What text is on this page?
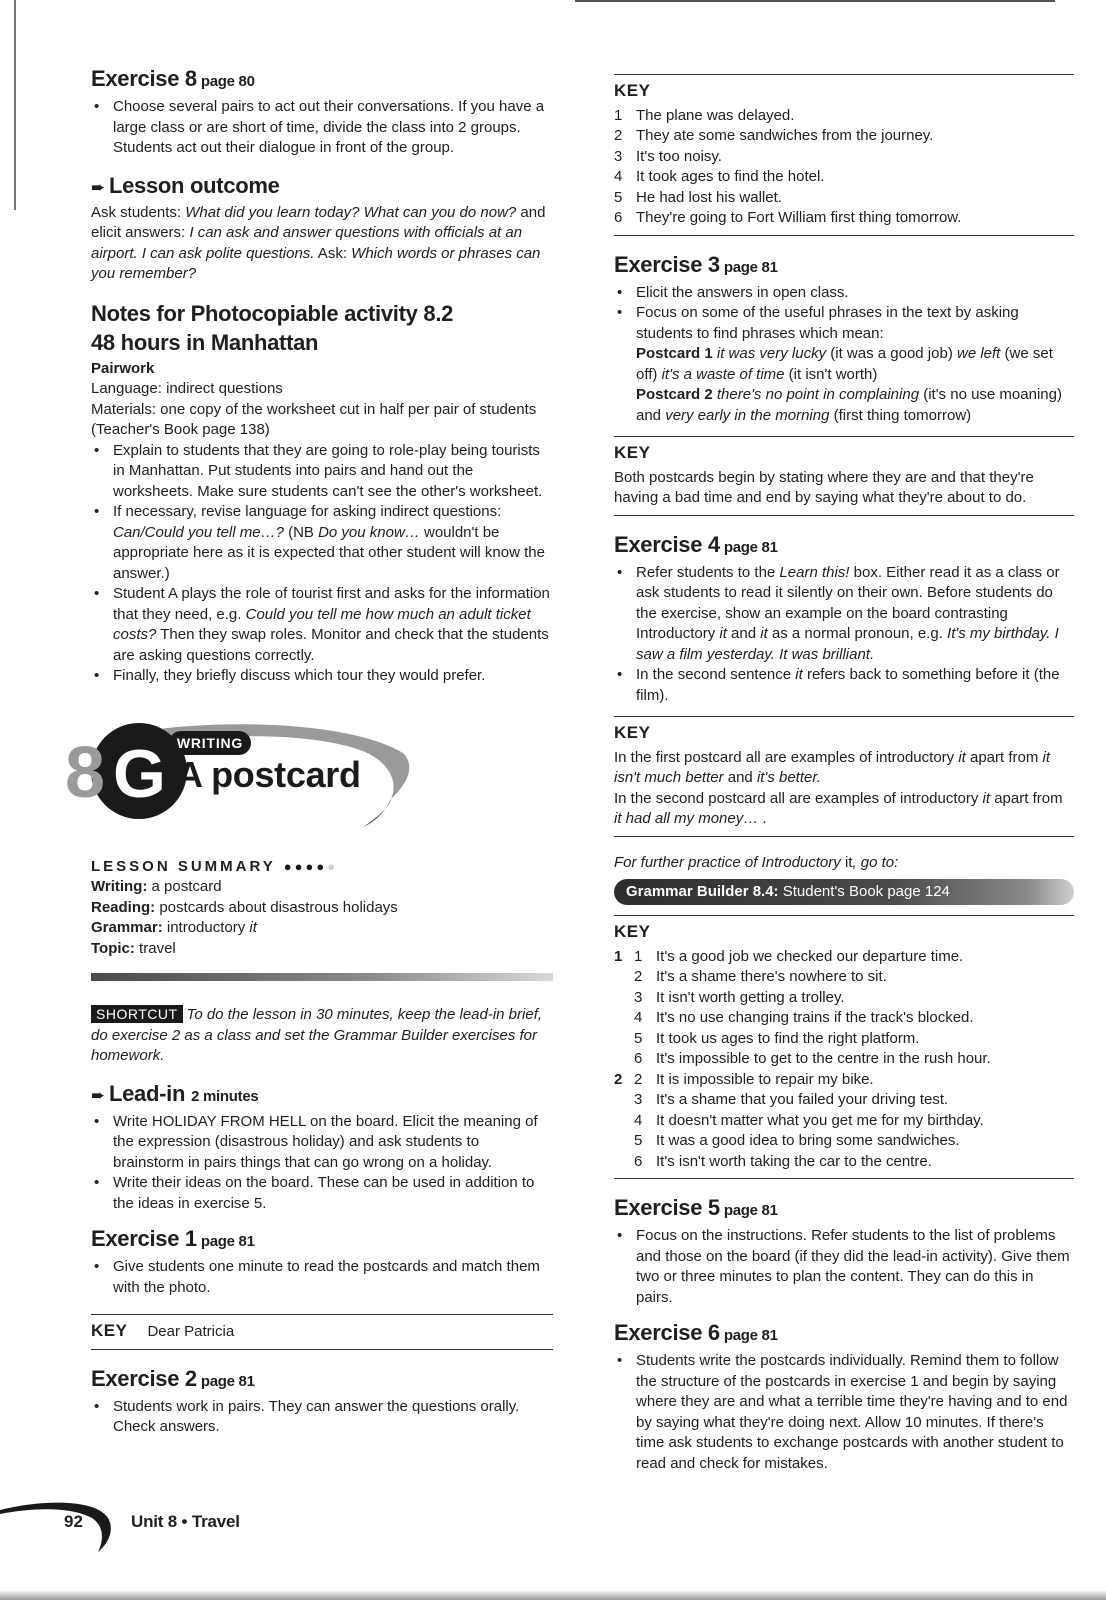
Exercise 8 page 80
• Choose several pairs to act out their conversations. If you have a large class or are short of time, divide the class into 2 groups. Students act out their dialogue in front of the group.
➨ Lesson outcome

Ask students: What did you learn today? What can you do now? and elicit answers: I can ask and answer questions with officials at an airport. I can ask polite questions. Ask: Which words or phrases can you remember?

Notes for Photocopiable activity 8.2
48 hours in Manhattan

Pairwork

Language: indirect questions

Materials: one copy of the worksheet cut in half per pair of students (Teacher's Book page 138)

• Explain to students that they are going to role-play being tourists in Manhattan. Put students into pairs and hand out the worksheets. Make sure students can't see the other's worksheet.
• If necessary, revise language for asking indirect questions: Can/Could you tell me…? (NB Do you know… wouldn't be appropriate here as it is expected that other student will know the answer.)
• Student A plays the role of tourist first and asks for the information that they need, e.g. Could you tell me how much an adult ticket costs? Then they swap roles. Monitor and check that the students are asking questions correctly.
• Finally, they briefly discuss which tour they would prefer.
8 G WRITING
A postcard
LESSON SUMMARY ●●●●●

Writing: a postcard

Reading: postcards about disastrous holidays

Grammar: introductory it

Topic: travel

SHORTCUT To do the lesson in 30 minutes, keep the lead-in brief, do exercise 2 as a class and set the Grammar Builder exercises for homework.

➨ Lead-in 2 minutes
• Write HOLIDAY FROM HELL on the board. Elicit the meaning of the expression (disastrous holiday) and ask students to brainstorm in pairs things that can go wrong on a holiday.
• Write their ideas on the board. These can be used in addition to the ideas in exercise 5.
Exercise 1 page 81
• Give students one minute to read the postcards and match them with the photo.
KEY Dear Patricia
Exercise 2 page 81
• Students work in pairs. They can answer the questions orally. Check answers.
KEY
1 The plane was delayed.
2 They ate some sandwiches from the journey.
3 It's too noisy.
4 It took ages to find the hotel.
5 He had lost his wallet.
6 They're going to Fort William first thing tomorrow.
Exercise 3 page 81
• Elicit the answers in open class.
• Focus on some of the useful phrases in the text by asking students to find phrases which mean:
Postcard 1 it was very lucky (it was a good job) we left (we set off) it's a waste of time (it isn't worth)
Postcard 2 there's no point in complaining (it's no use moaning) and very early in the morning (first thing tomorrow)
KEY

Both postcards begin by stating where they are and that they're having a bad time and end by saying what they're about to do.

Exercise 4 page 81
• Refer students to the Learn this! box. Either read it as a class or ask students to read it silently on their own. Before students do the exercise, show an example on the board contrasting Introductory it and it as a normal pronoun, e.g. It's my birthday. I saw a film yesterday. It was brilliant.
• In the second sentence it refers back to something before it (the film).
KEY

In the first postcard all are examples of introductory it apart from it isn't much better and it's better.

In the second postcard all are examples of introductory it apart from it had all my money… .

For further practice of Introductory it, go to:

Grammar Builder 8.4: Student's Book page 124
KEY
1 1 It's a good job we checked our departure time.
2 It's a shame there's nowhere to sit.
3 It isn't worth getting a trolley.
4 It's no use changing trains if the track's blocked.
5 It took us ages to find the right platform.
6 It's impossible to get to the centre in the rush hour.
2 2 It is impossible to repair my bike.
3 It's a shame that you failed your driving test.
4 It doesn't matter what you get me for my birthday.
5 It was a good idea to bring some sandwiches.
6 It's isn't worth taking the car to the centre.
Exercise 5 page 81
• Focus on the instructions. Refer students to the list of problems and those on the board (if they did the lead-in activity). Give them two or three minutes to plan the content. They can do this in pairs.
Exercise 6 page 81
• Students write the postcards individually. Remind them to follow the structure of the postcards in exercise 1 and begin by saying where they are and what a terrible time they're having and to end by saying what they're doing next. Allow 10 minutes. If there's time ask students to exchange postcards with another student to read and check for mistakes.
92	Unit 8 • Travel
